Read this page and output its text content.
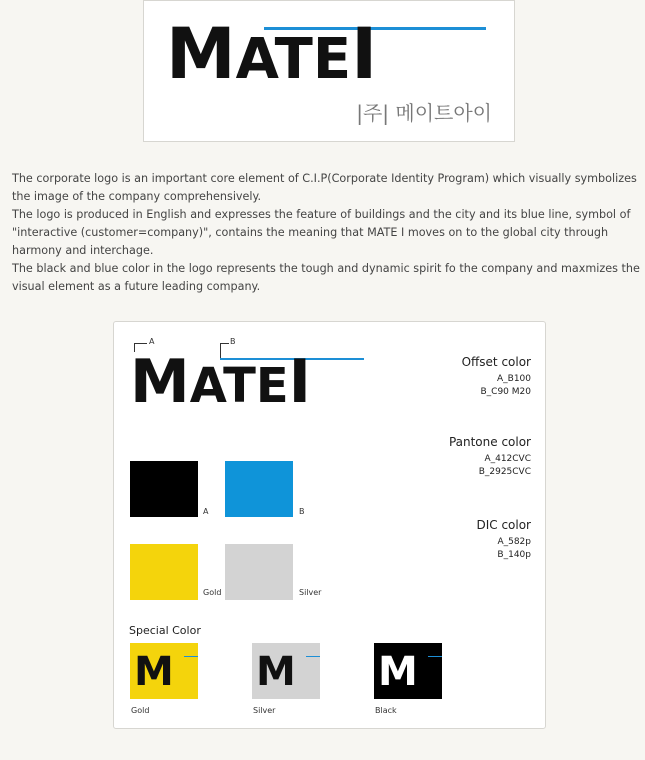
MATEI
|주| 메이트아이

The corporate logo is an important core element of C.I.P(Corporate Identity Program) which visually symbolizes the image of the company comprehensively.

The logo is produced in English and expresses the feature of buildings and the city and its blue line, symbol of "interactive (customer=company)", contains the meaning that MATE I moves on to the global city through harmony and interchage.

The black and blue color in the logo represents the tough and dynamic spirit fo the company and maxmizes the visual element as a future leading company.

A	B
MATEI	Offset color
A_B100
B_C90 M20
Pantone color
A_412CVC
B_2925CVC
DIC color
A_582p
B_140p
A	B
Gold	Silver
Special Color
M
Gold
M
Silver
M
Black
